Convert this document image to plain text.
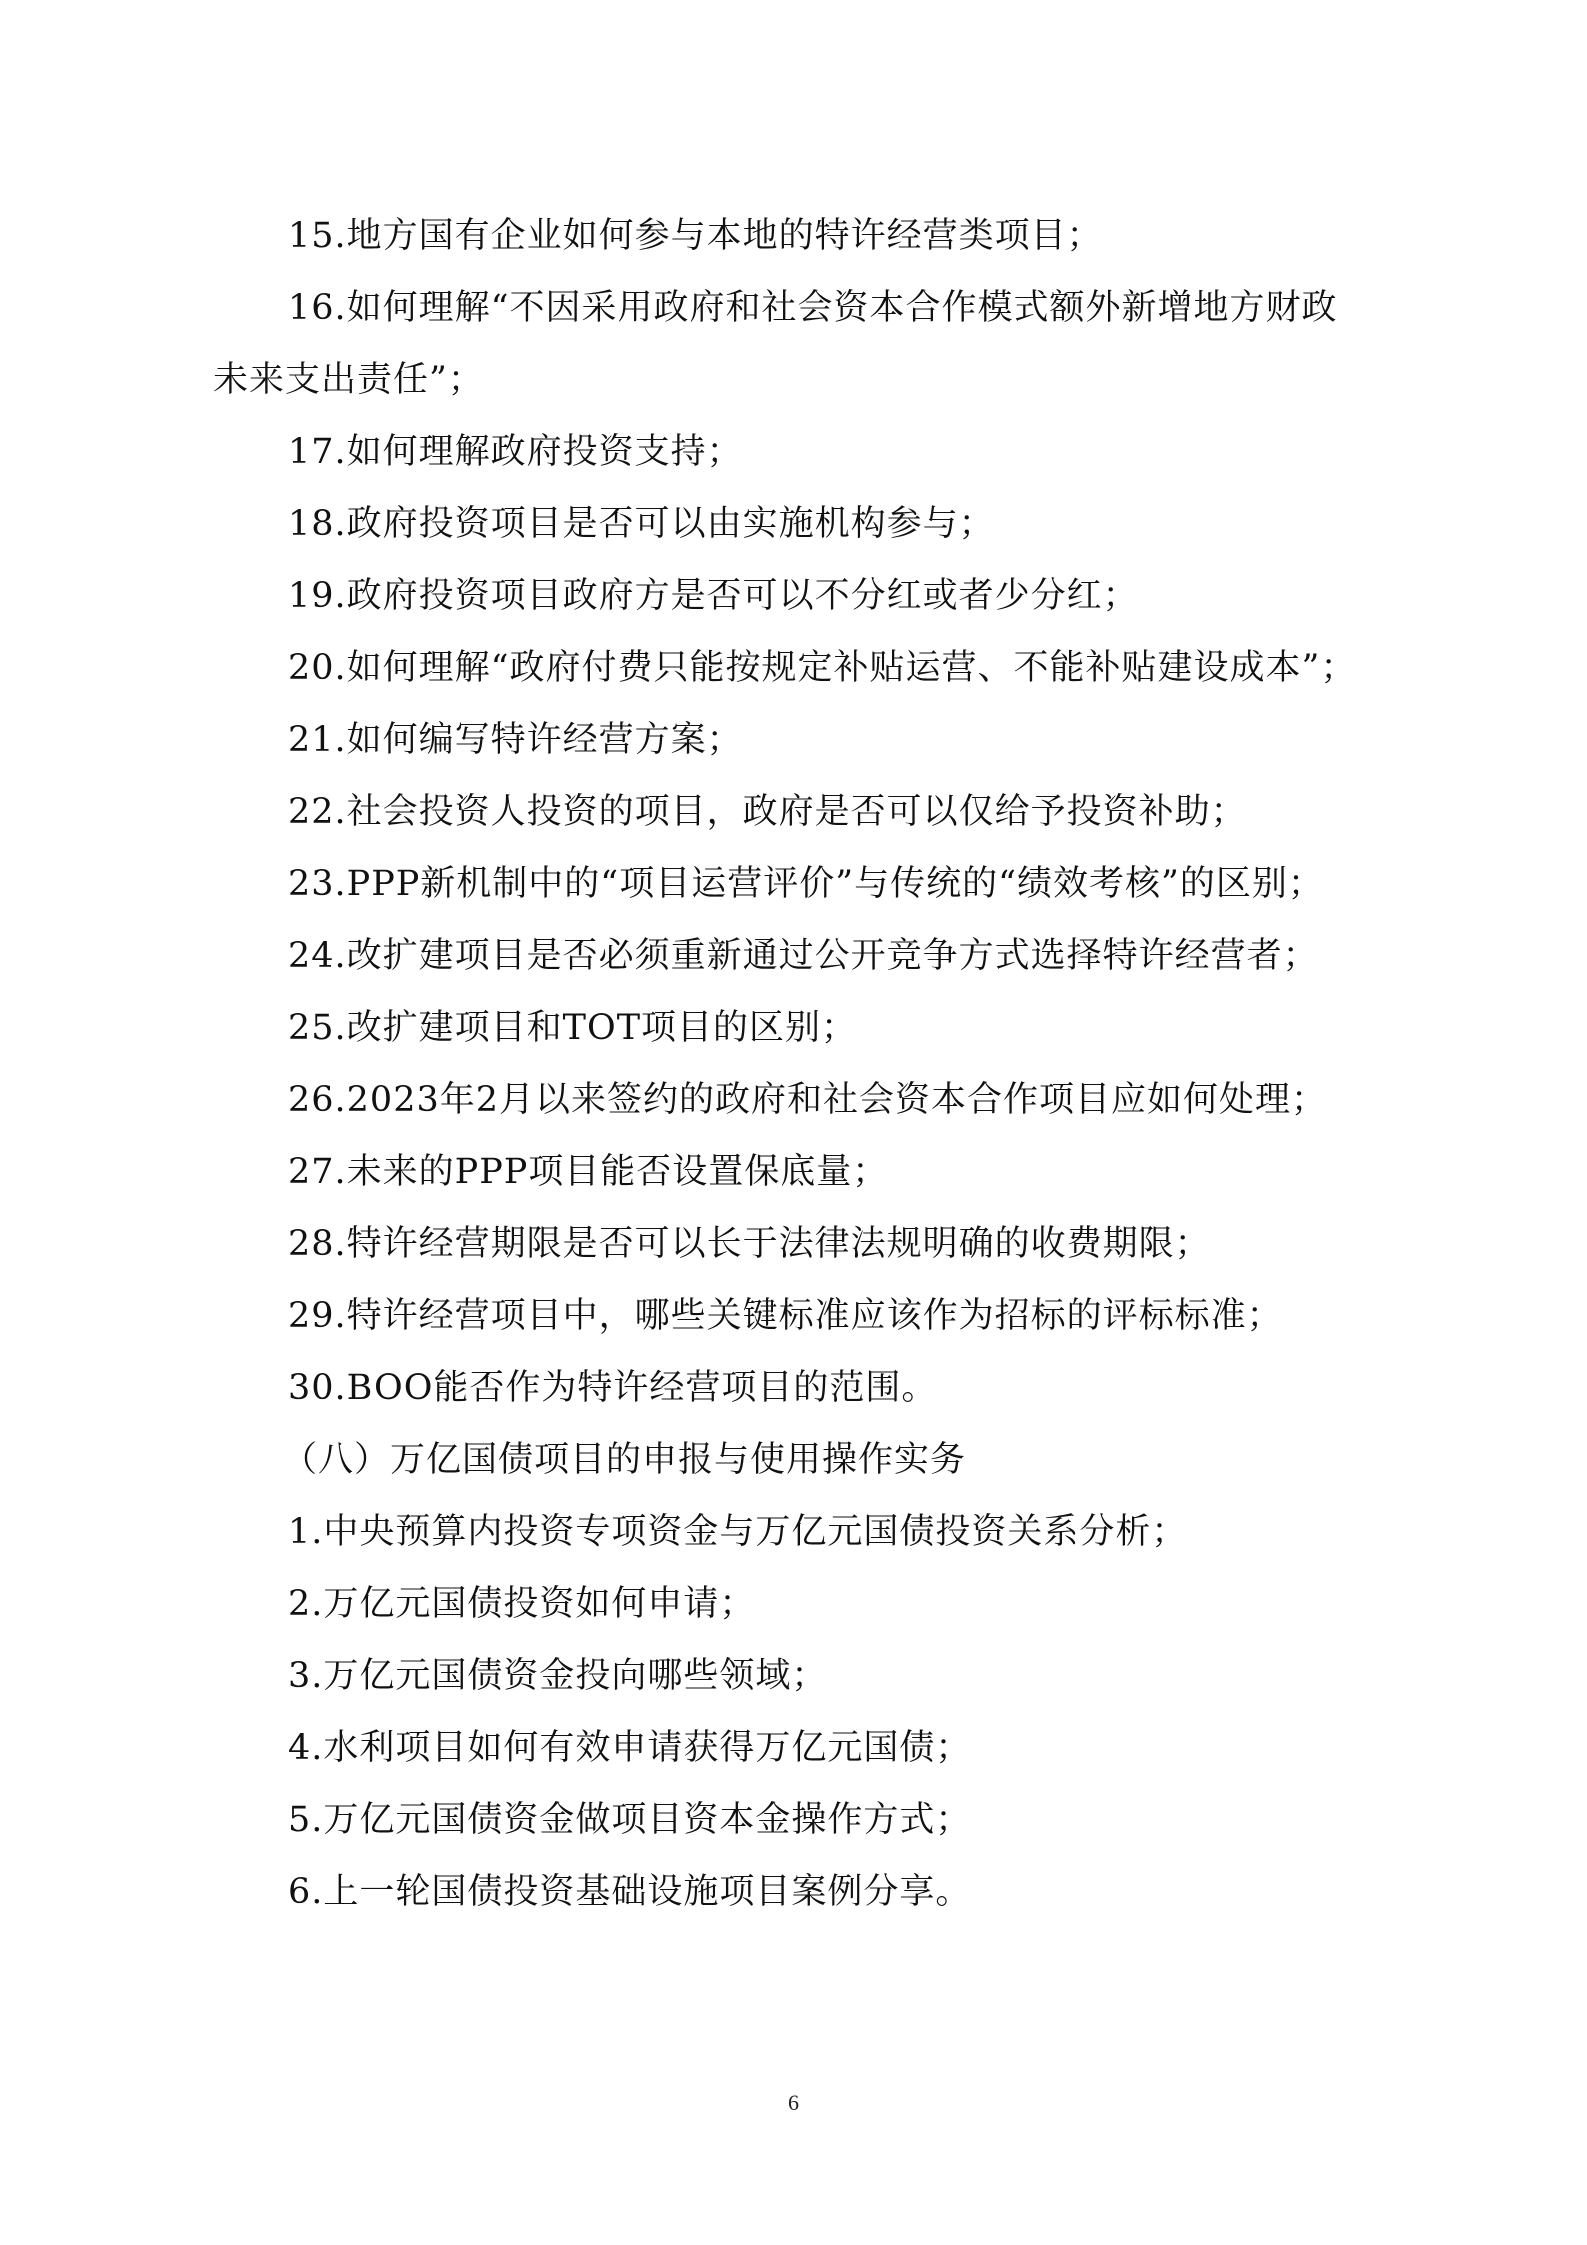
15.地方国有企业如何参与本地的特许经营类项目；
16.如何理解“不因采用政府和社会资本合作模式额外新增地方财政
未来支出责任”；
17.如何理解政府投资支持；
18.政府投资项目是否可以由实施机构参与；
19.政府投资项目政府方是否可以不分红或者少分红；
20.如何理解“政府付费只能按规定补贴运营、不能补贴建设成本”；
21.如何编写特许经营方案；
22.社会投资人投资的项目，政府是否可以仅给予投资补助；
23.PPP新机制中的“项目运营评价”与传统的“绩效考核”的区别；
24.改扩建项目是否必须重新通过公开竞争方式选择特许经营者；
25.改扩建项目和TOT项目的区别；
26.2023年2月以来签约的政府和社会资本合作项目应如何处理；
27.未来的PPP项目能否设置保底量；
28.特许经营期限是否可以长于法律法规明确的收费期限；
29.特许经营项目中，哪些关键标准应该作为招标的评标标准；
30.BOO能否作为特许经营项目的范围。
（八）万亿国债项目的申报与使用操作实务
1.中央预算内投资专项资金与万亿元国债投资关系分析；
2.万亿元国债投资如何申请；
3.万亿元国债资金投向哪些领域；
4.水利项目如何有效申请获得万亿元国债；
5.万亿元国债资金做项目资本金操作方式；
6.上一轮国债投资基础设施项目案例分享。
6
